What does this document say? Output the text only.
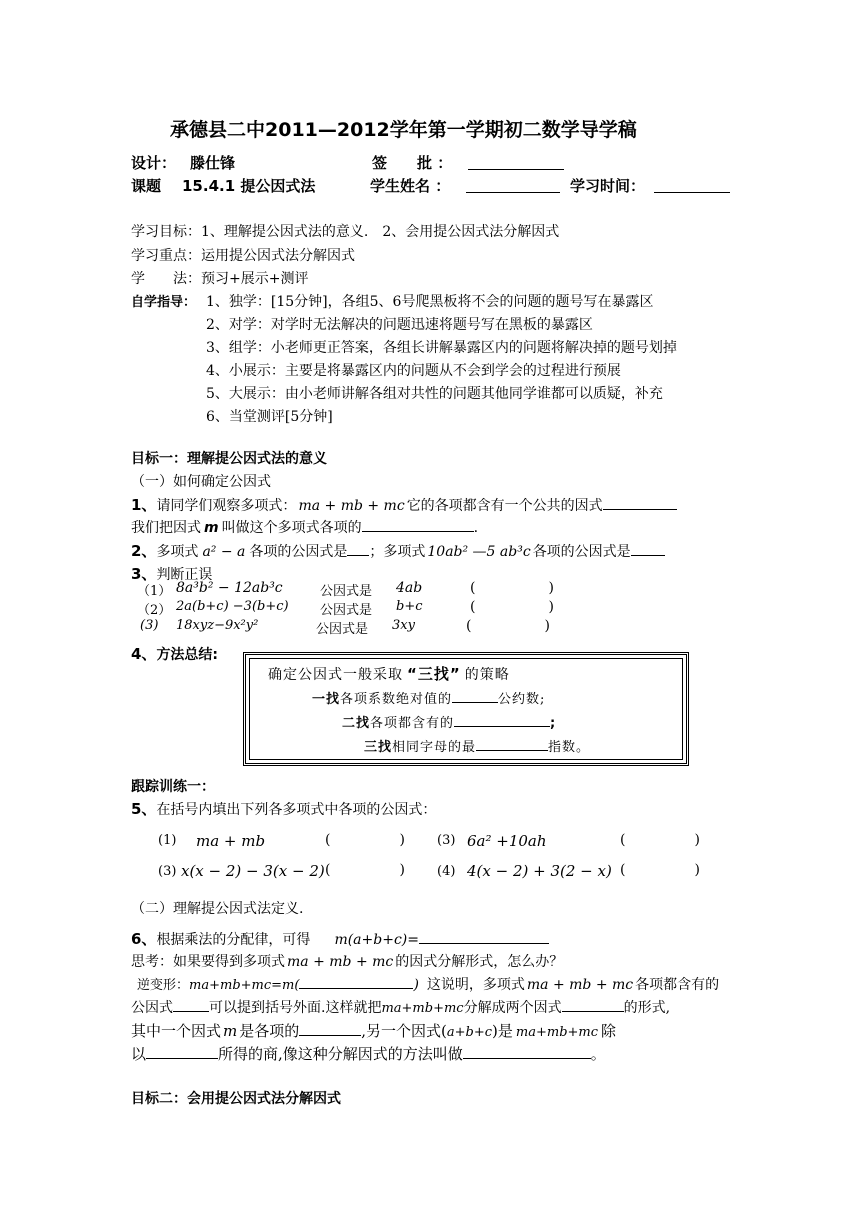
承德县二中2011—2012学年第一学期初二数学导学稿
设计： 滕仕锋	签　　批 ：
课题 15.4.1 提公因式法	学生姓名 ：	学习时间：
学习目标：1、理解提公因式法的意义.　2、会用提公因式法分解因式
学习重点：运用提公因式法分解因式
学　　法：预习+展示+测评
自学指导： 1、独学：[15分钟]，各组5、6号爬黑板将不会的问题的题号写在暴露区
2、对学：对学时无法解决的问题迅速将题号写在黑板的暴露区
3、组学：小老师更正答案，各组长讲解暴露区内的问题将解决掉的题号划掉
4、小展示：主要是将暴露区内的问题从不会到学会的过程进行预展
5、大展示：由小老师讲解各组对共性的问题其他同学谁都可以质疑，补充
6、当堂测评[5分钟]
目标一：理解提公因式法的意义
（一）如何确定公因式
1、请同学们观察多项式： ma + mb + mc 它的各项都含有一个公共的因式
我们把因式 m 叫做这个多项式各项的	.
2、多项式 a² − a 各项的公因式是 ；多项式 10ab² —5 ab³c 各项的公因式是
3、判断正误
（1） 8a³b² − 12ab³c	公因式是 4ab	(	)
（2） 2a(b+c) −3(b+c) 公因式是 b+c	(	)
(3) 18xyz−9x²y²	公因式是 3xy	(	)
4、方法总结:
确定公因式一般采取 “三找” 的策略
一找各项系数绝对值的	公约数;
二找各项都含有的	;
三找相同字母的最	指数。
跟踪训练一：
5、在括号内填出下列各多项式中各项的公因式：
(1) ma + mb	(	) (3) 6a² +10ah	(	)
(3) x(x − 2) − 3(x − 2) (	) (4) 4(x − 2) + 3(2 − x) (	)
（二）理解提公因式法定义.
6、根据乘法的分配律，可得 m(a+b+c)=
思考：如果要得到多项式 ma + mb + mc 的因式分解形式，怎么办？
逆变形：ma+mb+mc=m(	) 这说明，多项式 ma + mb + mc 各项都含有的
公因式	可以提到括号外面.这样就把ma+mb+mc分解成两个因式	的形式,
其中一个因式 m 是各项的	,另一个因式(a+b+c)是 ma+mb+mc 除
以	所得的商,像这种分解因式的方法叫做	。
目标二：会用提公因式法分解因式
